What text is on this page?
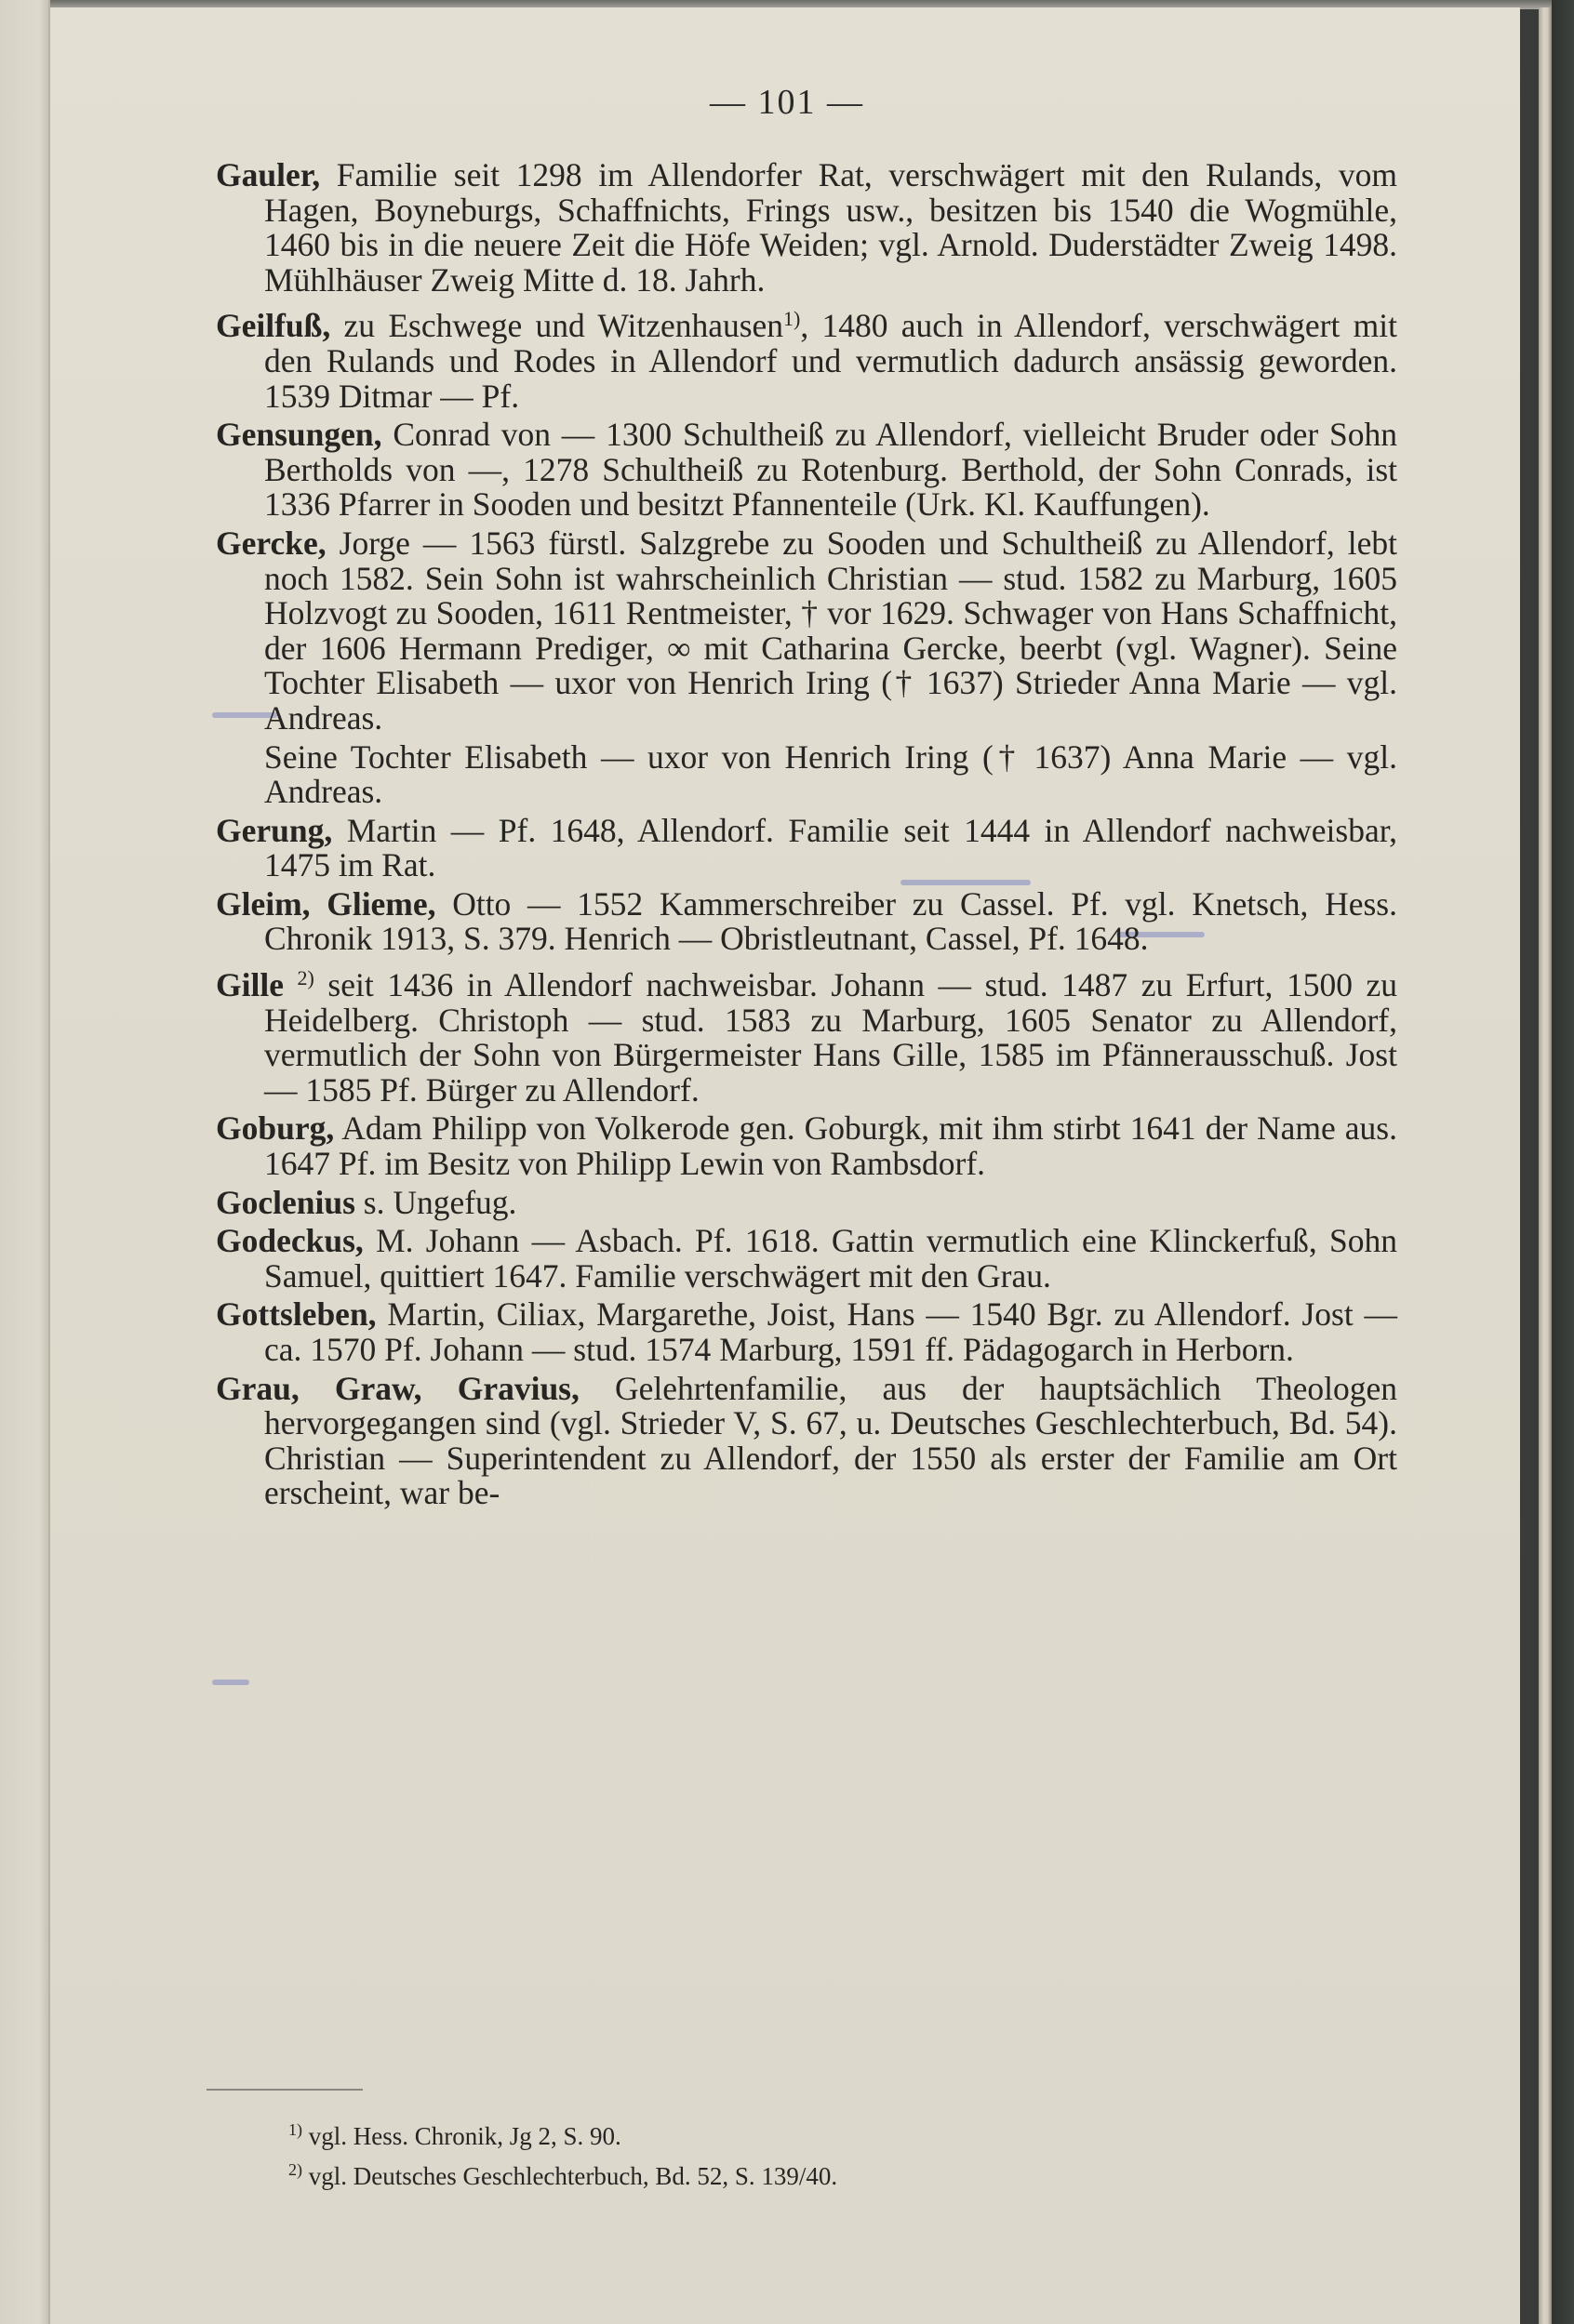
— 101 —

Gauler, Familie seit 1298 im Allendorfer Rat, verschwägert mit den Rulands, vom Hagen, Boyneburgs, Schaffnichts, Frings usw., besitzen bis 1540 die Wogmühle, 1460 bis in die neuere Zeit die Höfe Weiden; vgl. Arnold. Duderstädter Zweig 1498. Mühlhäuser Zweig Mitte d. 18. Jahrh.

Geilfuß, zu Eschwege und Witzenhausen$^{1)}$, 1480 auch in Allendorf, verschwägert mit den Rulands und Rodes in Allendorf und vermutlich dadurch ansässig geworden. 1539 Ditmar — Pf.

Gensungen, Conrad von — 1300 Schultheiß zu Allendorf, vielleicht Bruder oder Sohn Bertholds von —, 1278 Schultheiß zu Rotenburg. Berthold, der Sohn Conrads, ist 1336 Pfarrer in Sooden und besitzt Pfannenteile (Urk. Kl. Kauffungen).

Gercke, Jorge — 1563 fürstl. Salzgrebe zu Sooden und Schultheiß zu Allendorf, lebt noch 1582. Sein Sohn ist wahrscheinlich Christian — stud. 1582 zu Marburg, 1605 Holzvogt zu Sooden, 1611 Rentmeister, † vor 1629. Schwager von Hans Schaffnicht, der 1606 Hermann Prediger, ∞ mit Catharina Gercke, beerbt (vgl. Wagner). Seine Tochter Elisabeth — uxor von Henrich Iring († 1637) Strieder Anna Marie — vgl. Andreas.

Seine Tochter Elisabeth — uxor von Henrich Iring († 1637) Anna Marie — vgl. Andreas.

Gerung, Martin — Pf. 1648, Allendorf. Familie seit 1444 in Allendorf nachweisbar, 1475 im Rat.

Gleim, Glieme, Otto — 1552 Kammerschreiber zu Cassel. Pf. vgl. Knetsch, Hess. Chronik 1913, S. 379. Henrich — Obristleutnant, Cassel, Pf. 1648.

Gille $^{2)}$ seit 1436 in Allendorf nachweisbar. Johann — stud. 1487 zu Erfurt, 1500 zu Heidelberg. Christoph — stud. 1583 zu Marburg, 1605 Senator zu Allendorf, vermutlich der Sohn von Bürgermeister Hans Gille, 1585 im Pfännerausschuß. Jost — 1585 Pf. Bürger zu Allendorf.

Goburg, Adam Philipp von Volkerode gen. Goburgk, mit ihm stirbt 1641 der Name aus. 1647 Pf. im Besitz von Philipp Lewin von Rambsdorf.

Goclenius s. Ungefug.

Godeckus, M. Johann — Asbach. Pf. 1618. Gattin vermutlich eine Klinckerfuß, Sohn Samuel, quittiert 1647. Familie verschwägert mit den Grau.

Gottsleben, Martin, Ciliax, Margarethe, Joist, Hans — 1540 Bgr. zu Allendorf. Jost — ca. 1570 Pf. Johann — stud. 1574 Marburg, 1591 ff. Pädagogarch in Herborn.

Grau, Graw, Gravius, Gelehrtenfamilie, aus der hauptsächlich Theologen hervorgegangen sind (vgl. Strieder V, S. 67, u. Deutsches Geschlechterbuch, Bd. 54). Christian — Superintendent zu Allendorf, der 1550 als erster der Familie am Ort erscheint, war be-

$^{1)}$ vgl. Hess. Chronik, Jg 2, S. 90.
$^{2)}$ vgl. Deutsches Geschlechterbuch, Bd. 52, S. 139/40.
